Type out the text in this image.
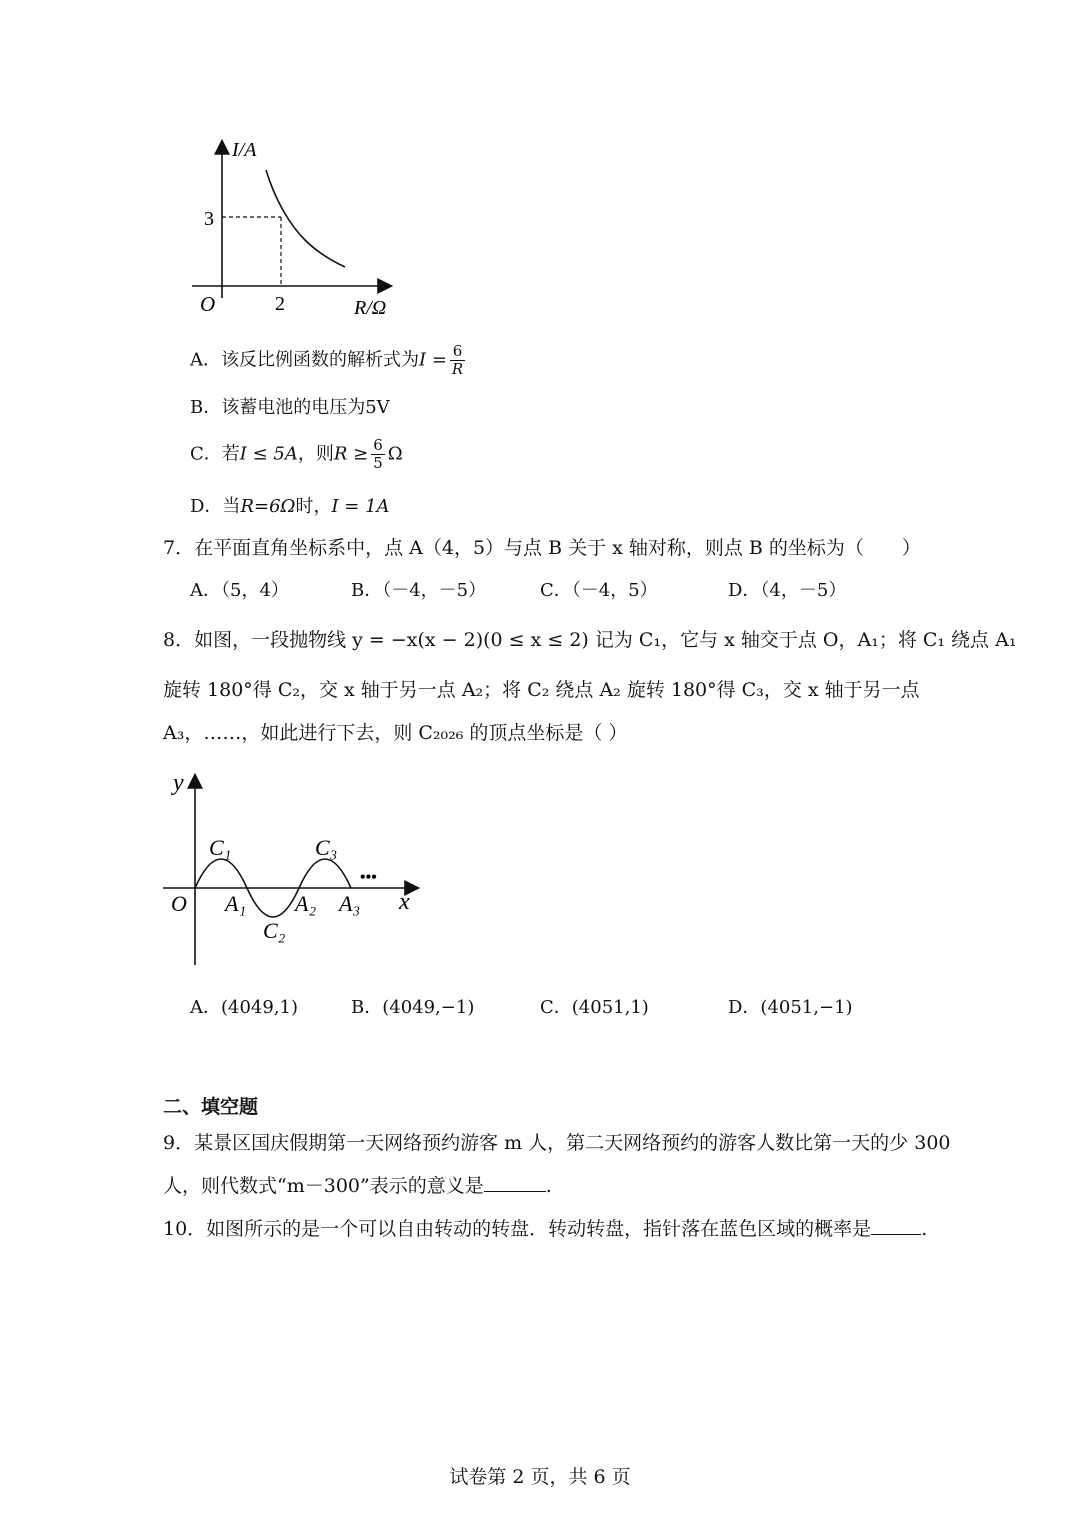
I/A
R/Ω
O
3
2
A．该反比例函数的解析式为$I = \frac{6}{R}$
B．该蓄电池的电压为5V
C．若I ≤ 5A，则$R \ge \frac{6}{5}$ Ω
D．当R=6Ω时，I = 1A
7．在平面直角坐标系中，点 A（4，5）与点 B 关于 x 轴对称，则点 B 的坐标为（　　）
A．（5，4）	B．（－4，－5）	C．（－4，5）	D．（4，－5）
8．如图，一段抛物线 y = −x(x − 2)(0 ≤ x ≤ 2) 记为 C₁，它与 x 轴交于点 O，A₁；将 C₁ 绕点 A₁
旋转 180°得 C₂，交 x 轴于另一点 A₂；将 C₂ 绕点 A₂ 旋转 180°得 C₃，交 x 轴于另一点
A₃，……，如此进行下去，则 C₂₀₂₆ 的顶点坐标是（ ）
y
x
O
C₁
C₂
C₃
A₁ A₂ A₃
•••
A．(4049,1)	B．(4049,−1)	C．(4051,1)	D．(4051,−1)
二、填空题
9．某景区国庆假期第一天网络预约游客 m 人，第二天网络预约的游客人数比第一天的少 300
人，则代数式“m－300”表示的意义是	.
10．如图所示的是一个可以自由转动的转盘．转动转盘，指针落在蓝色区域的概率是	.
试卷第 2 页，共 6 页
